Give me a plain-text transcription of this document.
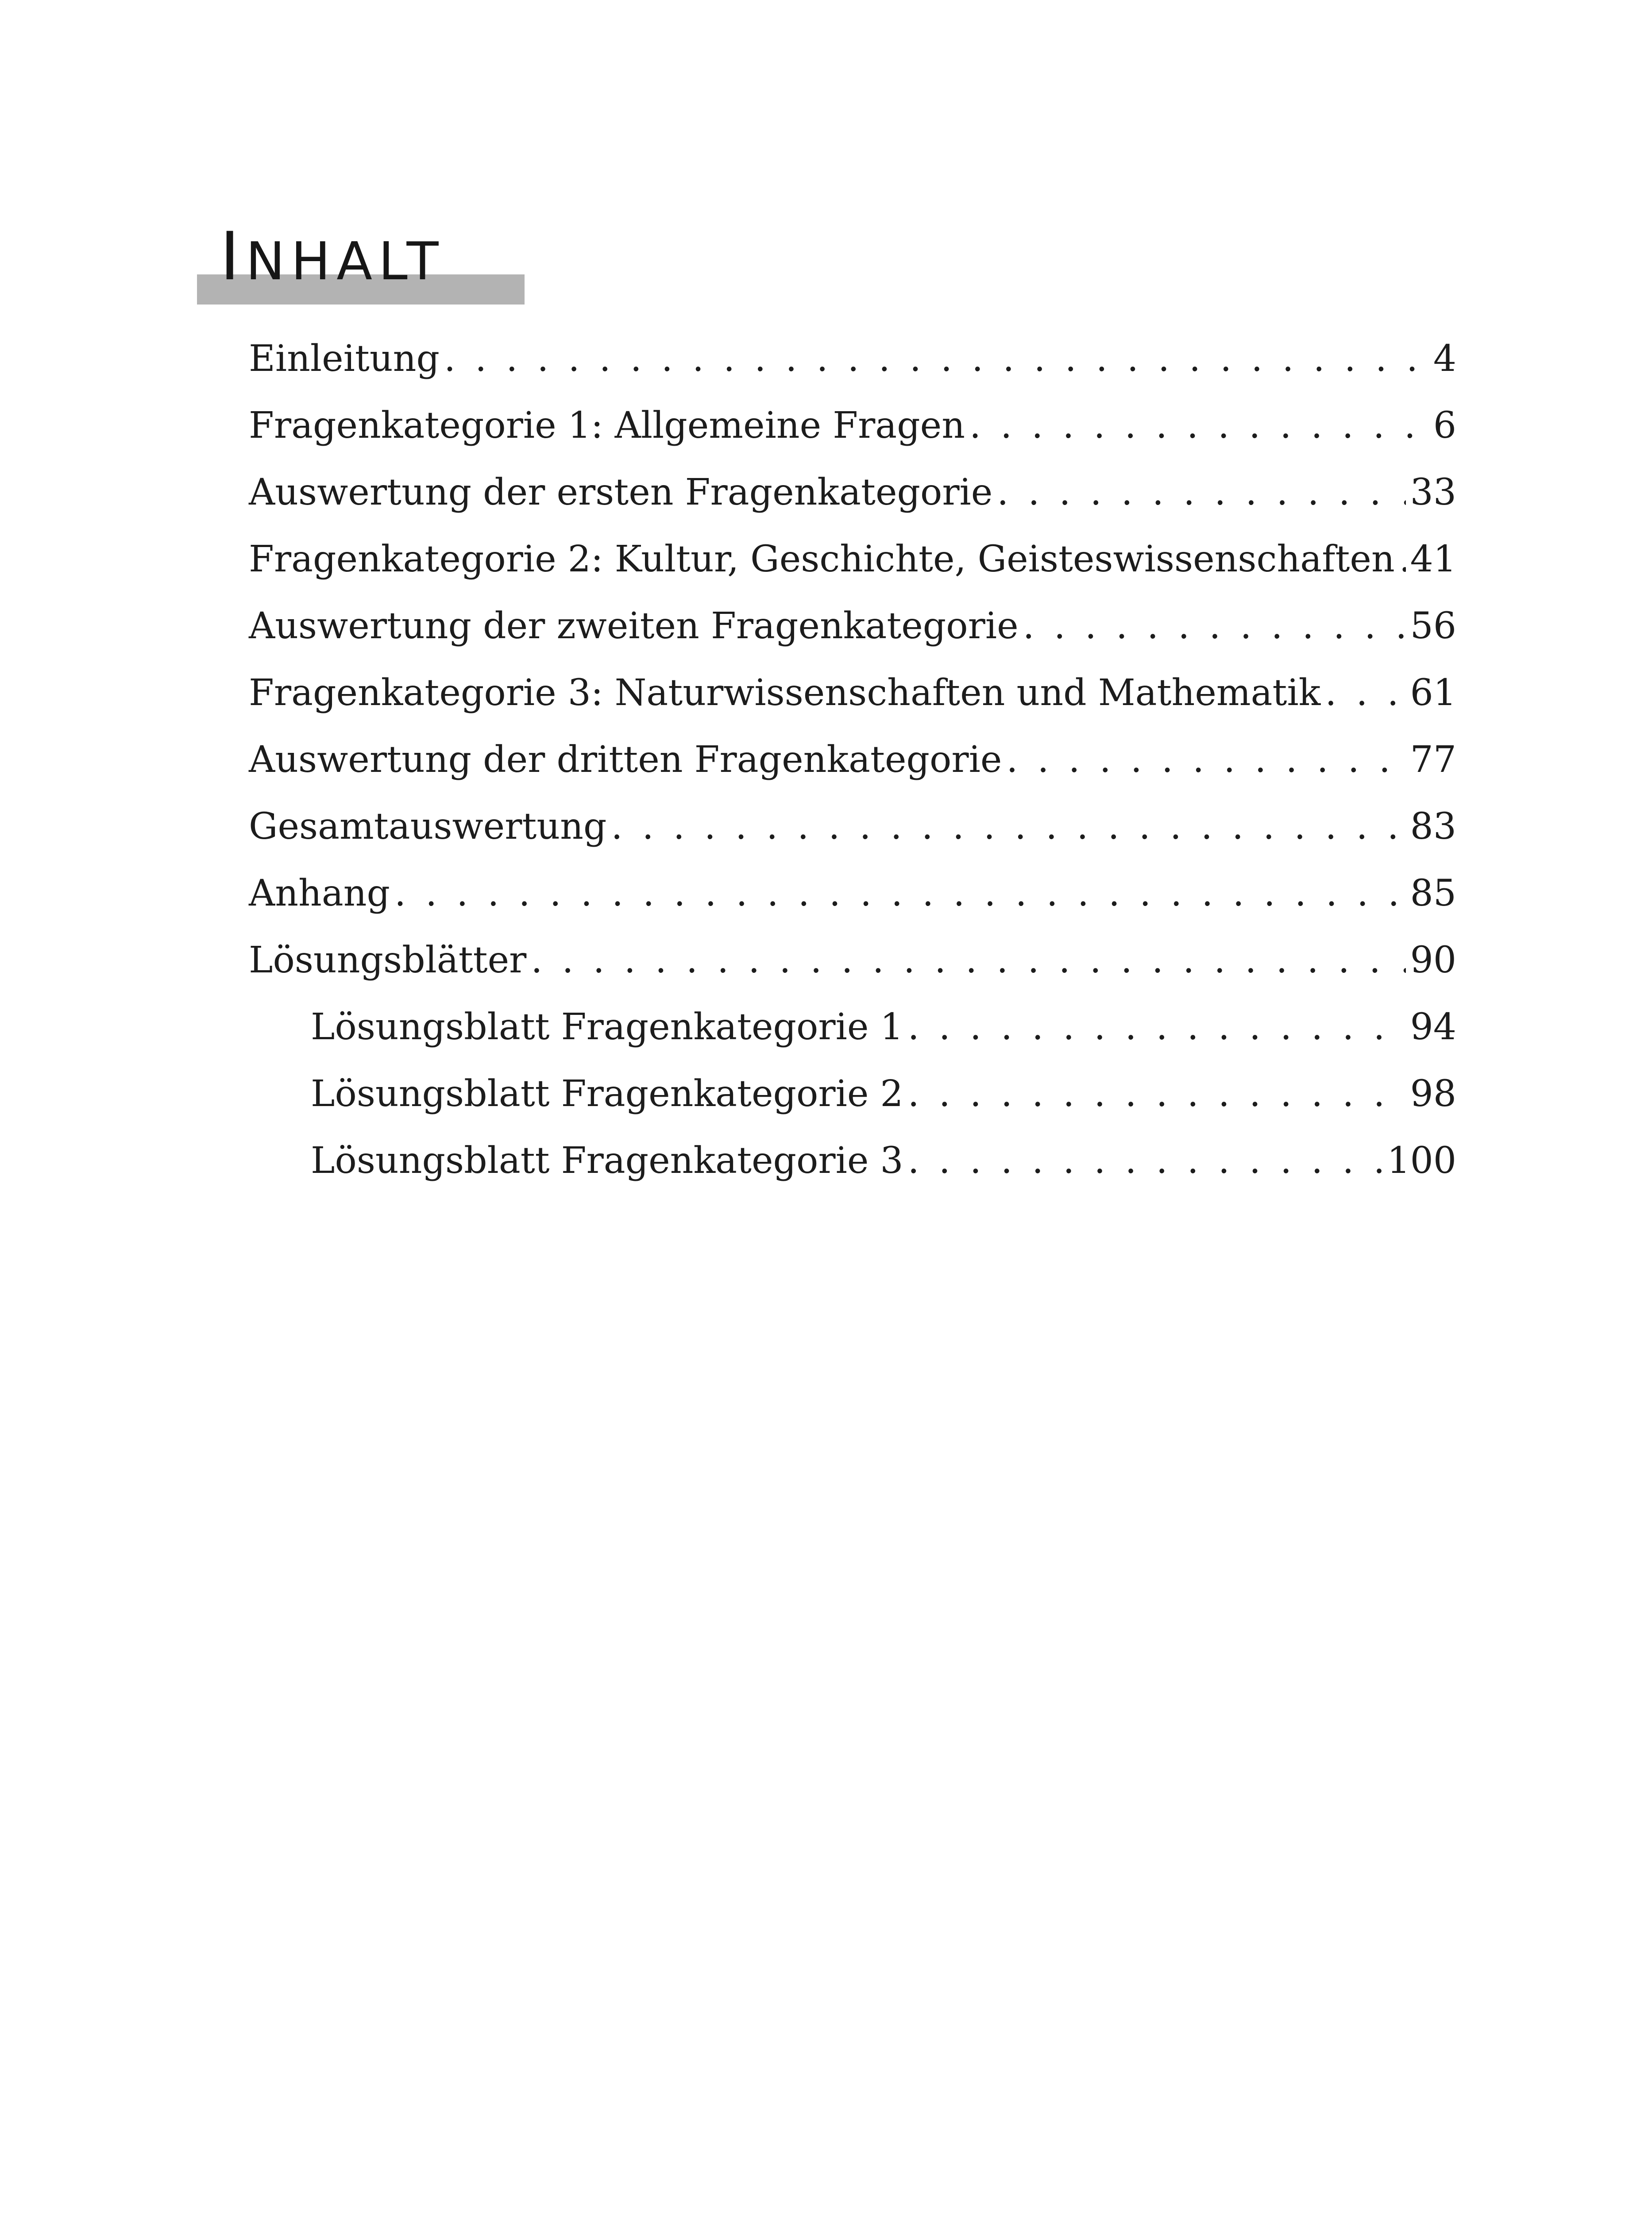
INHALT
Einleitung . . .	4
Fragenkategorie 1: Allgemeine Fragen . . .	6
Auswertung der ersten Fragenkategorie . . .	33
Fragenkategorie 2: Kultur, Geschichte, Geisteswissenschaften . . . 41
Auswertung der zweiten Fragenkategorie . . .	56
Fragenkategorie 3: Naturwissenschaften und Mathematik . . . 61
Auswertung der dritten Fragenkategorie . . .	77
Gesamtauswertung . . .	83
Anhang . . .	85
Lösungsblätter . . .	90
Lösungsblatt Fragenkategorie 1 . . .	94
Lösungsblatt Fragenkategorie 2 . . .	98
Lösungsblatt Fragenkategorie 3 . . .	100
